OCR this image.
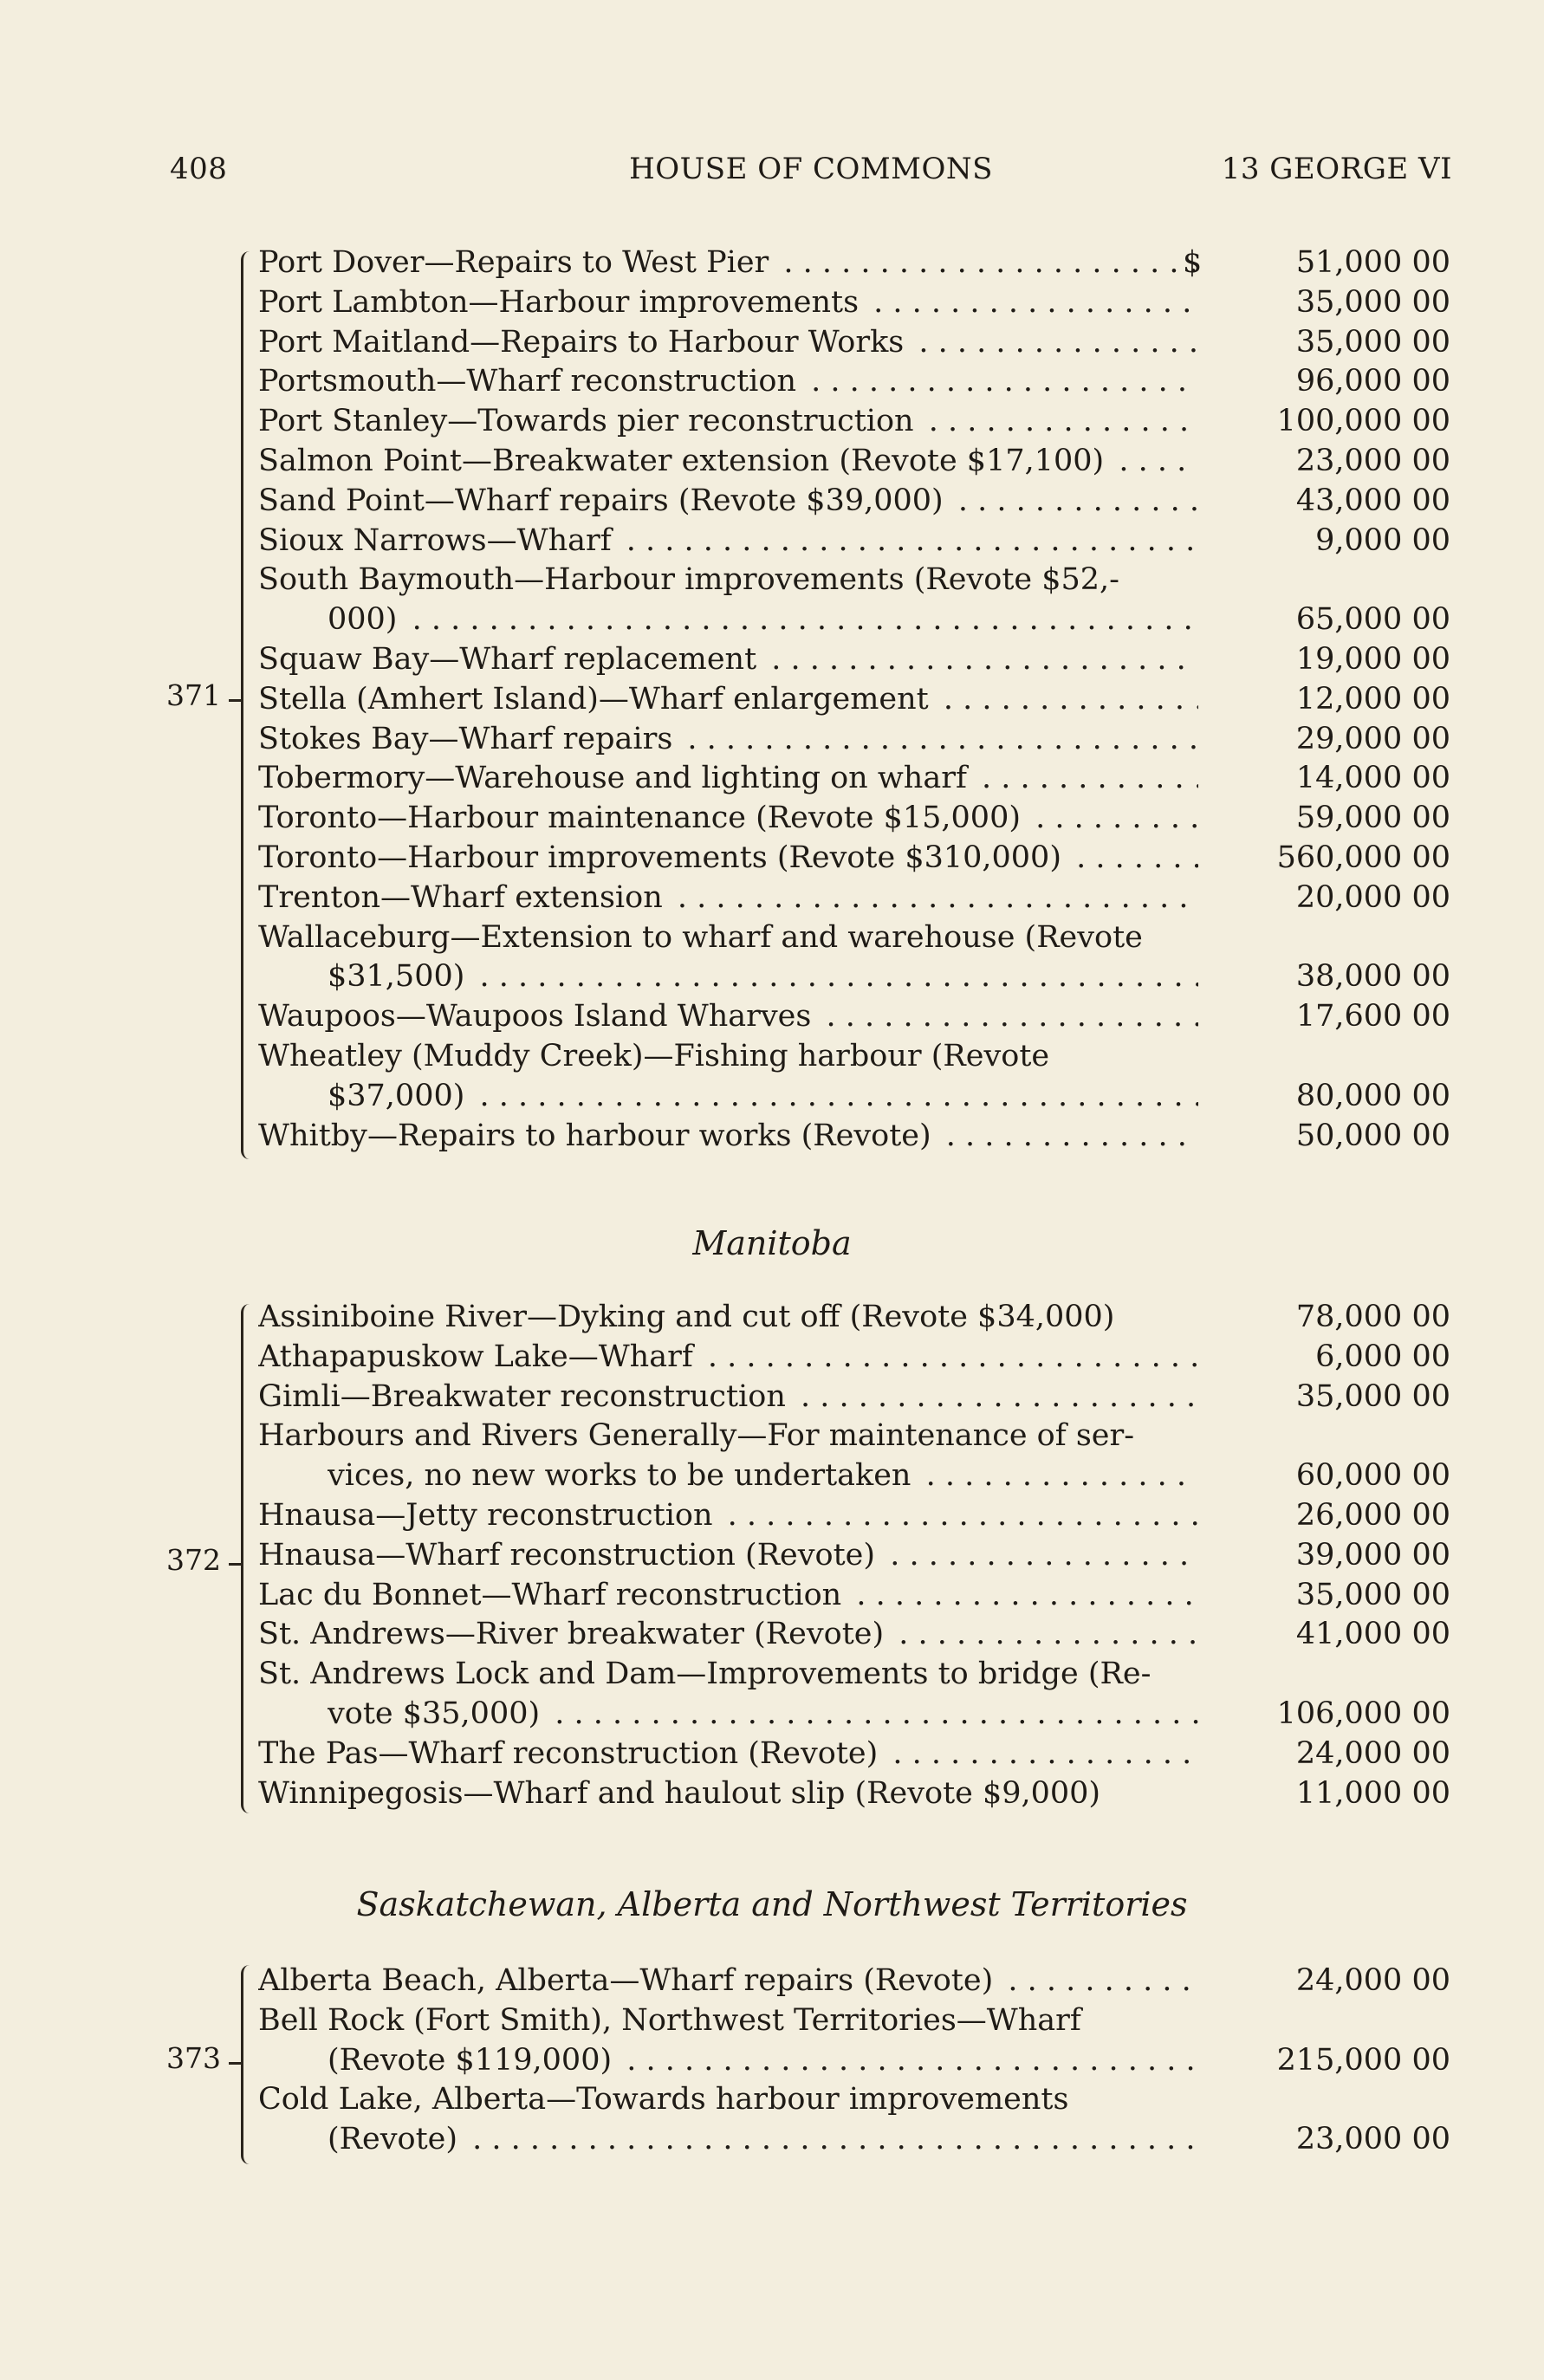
408	HOUSE OF COMMONS	13 GEORGE VI
371
Port Dover—Repairs to West Pier . . .	$	51,000 00
Port Lambton—Harbour improvements . . .	35,000 00
Port Maitland—Repairs to Harbour Works . . .	35,000 00
Portsmouth—Wharf reconstruction . . .	96,000 00
Port Stanley—Towards pier reconstruction . . .	100,000 00
Salmon Point—Breakwater extension (Revote $17,100) . . .	23,000 00
Sand Point—Wharf repairs (Revote $39,000) . . .	43,000 00
Sioux Narrows—Wharf . . .	9,000 00
South Baymouth—Harbour improvements (Revote $52,-
000) . . .	65,000 00
Squaw Bay—Wharf replacement . . .	19,000 00
Stella (Amhert Island)—Wharf enlargement . . .	12,000 00
Stokes Bay—Wharf repairs . . .	29,000 00
Tobermory—Warehouse and lighting on wharf . . .	14,000 00
Toronto—Harbour maintenance (Revote $15,000) . . .	59,000 00
Toronto—Harbour improvements (Revote $310,000) . . .	560,000 00
Trenton—Wharf extension . . .	20,000 00
Wallaceburg—Extension to wharf and warehouse (Revote
$31,500) . . .	38,000 00
Waupoos—Waupoos Island Wharves . . .	17,600 00
Wheatley (Muddy Creek)—Fishing harbour (Revote
$37,000) . . .	80,000 00
Whitby—Repairs to harbour works (Revote) . . .	50,000 00
Manitoba
372
Assiniboine River—Dyking and cut off (Revote $34,000)	78,000 00
Athapapuskow Lake—Wharf . . .	6,000 00
Gimli—Breakwater reconstruction . . .	35,000 00
Harbours and Rivers Generally—For maintenance of ser-
vices, no new works to be undertaken . . .	60,000 00
Hnausa—Jetty reconstruction . . .	26,000 00
Hnausa—Wharf reconstruction (Revote) . . .	39,000 00
Lac du Bonnet—Wharf reconstruction . . .	35,000 00
St. Andrews—River breakwater (Revote) . . .	41,000 00
St. Andrews Lock and Dam—Improvements to bridge (Re-
vote $35,000) . . .	106,000 00
The Pas—Wharf reconstruction (Revote) . . .	24,000 00
Winnipegosis—Wharf and haulout slip (Revote $9,000)	11,000 00
Saskatchewan, Alberta and Northwest Territories
373
Alberta Beach, Alberta—Wharf repairs (Revote) . . .	24,000 00
Bell Rock (Fort Smith), Northwest Territories—Wharf
(Revote $119,000) . . .	215,000 00
Cold Lake, Alberta—Towards harbour improvements
(Revote) . . .	23,000 00
